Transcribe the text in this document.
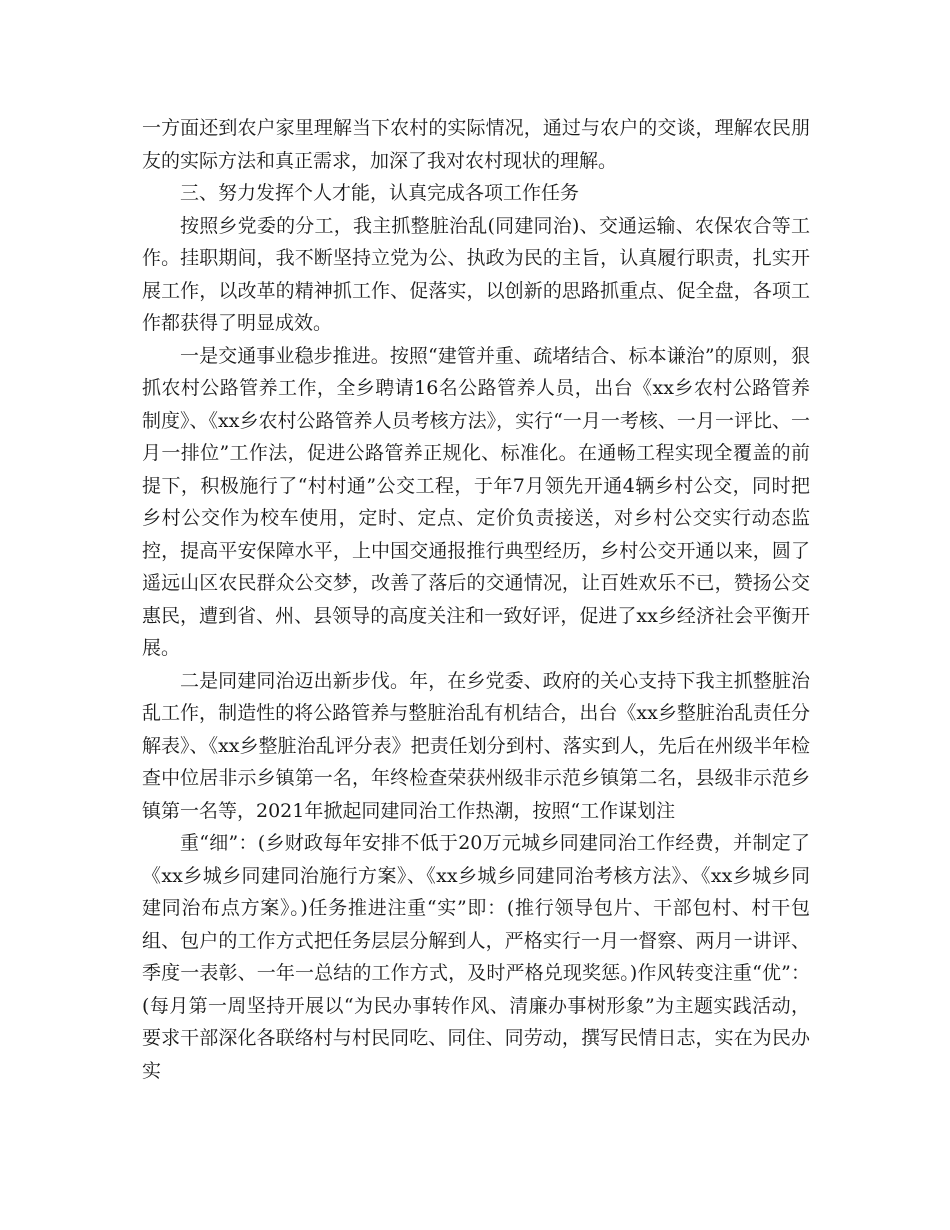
一方面还到农户家里理解当下农村的实际情况，通过与农户的交谈，理解农民朋友的实际方法和真正需求，加深了我对农村现状的理解。

三、努力发挥个人才能，认真完成各项工作任务

按照乡党委的分工，我主抓整脏治乱(同建同治)、交通运输、农保农合等工作。挂职期间，我不断坚持立党为公、执政为民的主旨，认真履行职责，扎实开展工作，以改革的精神抓工作、促落实，以创新的思路抓重点、促全盘，各项工作都获得了明显成效。

一是交通事业稳步推进。按照“建管并重、疏堵结合、标本谦治”的原则，狠抓农村公路管养工作，全乡聘请16名公路管养人员，出台《xx乡农村公路管养制度》、《xx乡农村公路管养人员考核方法》，实行“一月一考核、一月一评比、一月一排位”工作法，促进公路管养正规化、标准化。在通畅工程实现全覆盖的前提下，积极施行了“村村通”公交工程，于年7月领先开通4辆乡村公交，同时把乡村公交作为校车使用，定时、定点、定价负责接送，对乡村公交实行动态监控，提高平安保障水平，上中国交通报推行典型经历，乡村公交开通以来，圆了遥远山区农民群众公交梦，改善了落后的交通情况，让百姓欢乐不已，赞扬公交惠民，遭到省、州、县领导的高度关注和一致好评，促进了xx乡经济社会平衡开展。

二是同建同治迈出新步伐。年，在乡党委、政府的关心支持下我主抓整脏治乱工作，制造性的将公路管养与整脏治乱有机结合，出台《xx乡整脏治乱责任分解表》、《xx乡整脏治乱评分表》把责任划分到村、落实到人，先后在州级半年检查中位居非示乡镇第一名，年终检查荣获州级非示范乡镇第二名，县级非示范乡镇第一名等，2021年掀起同建同治工作热潮，按照“工作谋划注

重“细”：(乡财政每年安排不低于20万元城乡同建同治工作经费，并制定了《xx乡城乡同建同治施行方案》、《xx乡城乡同建同治考核方法》、《xx乡城乡同建同治布点方案》。)任务推进注重“实”即：(推行领导包片、干部包村、村干包组、包户的工作方式把任务层层分解到人，严格实行一月一督察、两月一讲评、季度一表彰、一年一总结的工作方式，及时严格兑现奖惩。)作风转变注重“优”：(每月第一周坚持开展以“为民办事转作风、清廉办事树形象”为主题实践活动，要求干部深化各联络村与村民同吃、同住、同劳动，撰写民情日志，实在为民办实
